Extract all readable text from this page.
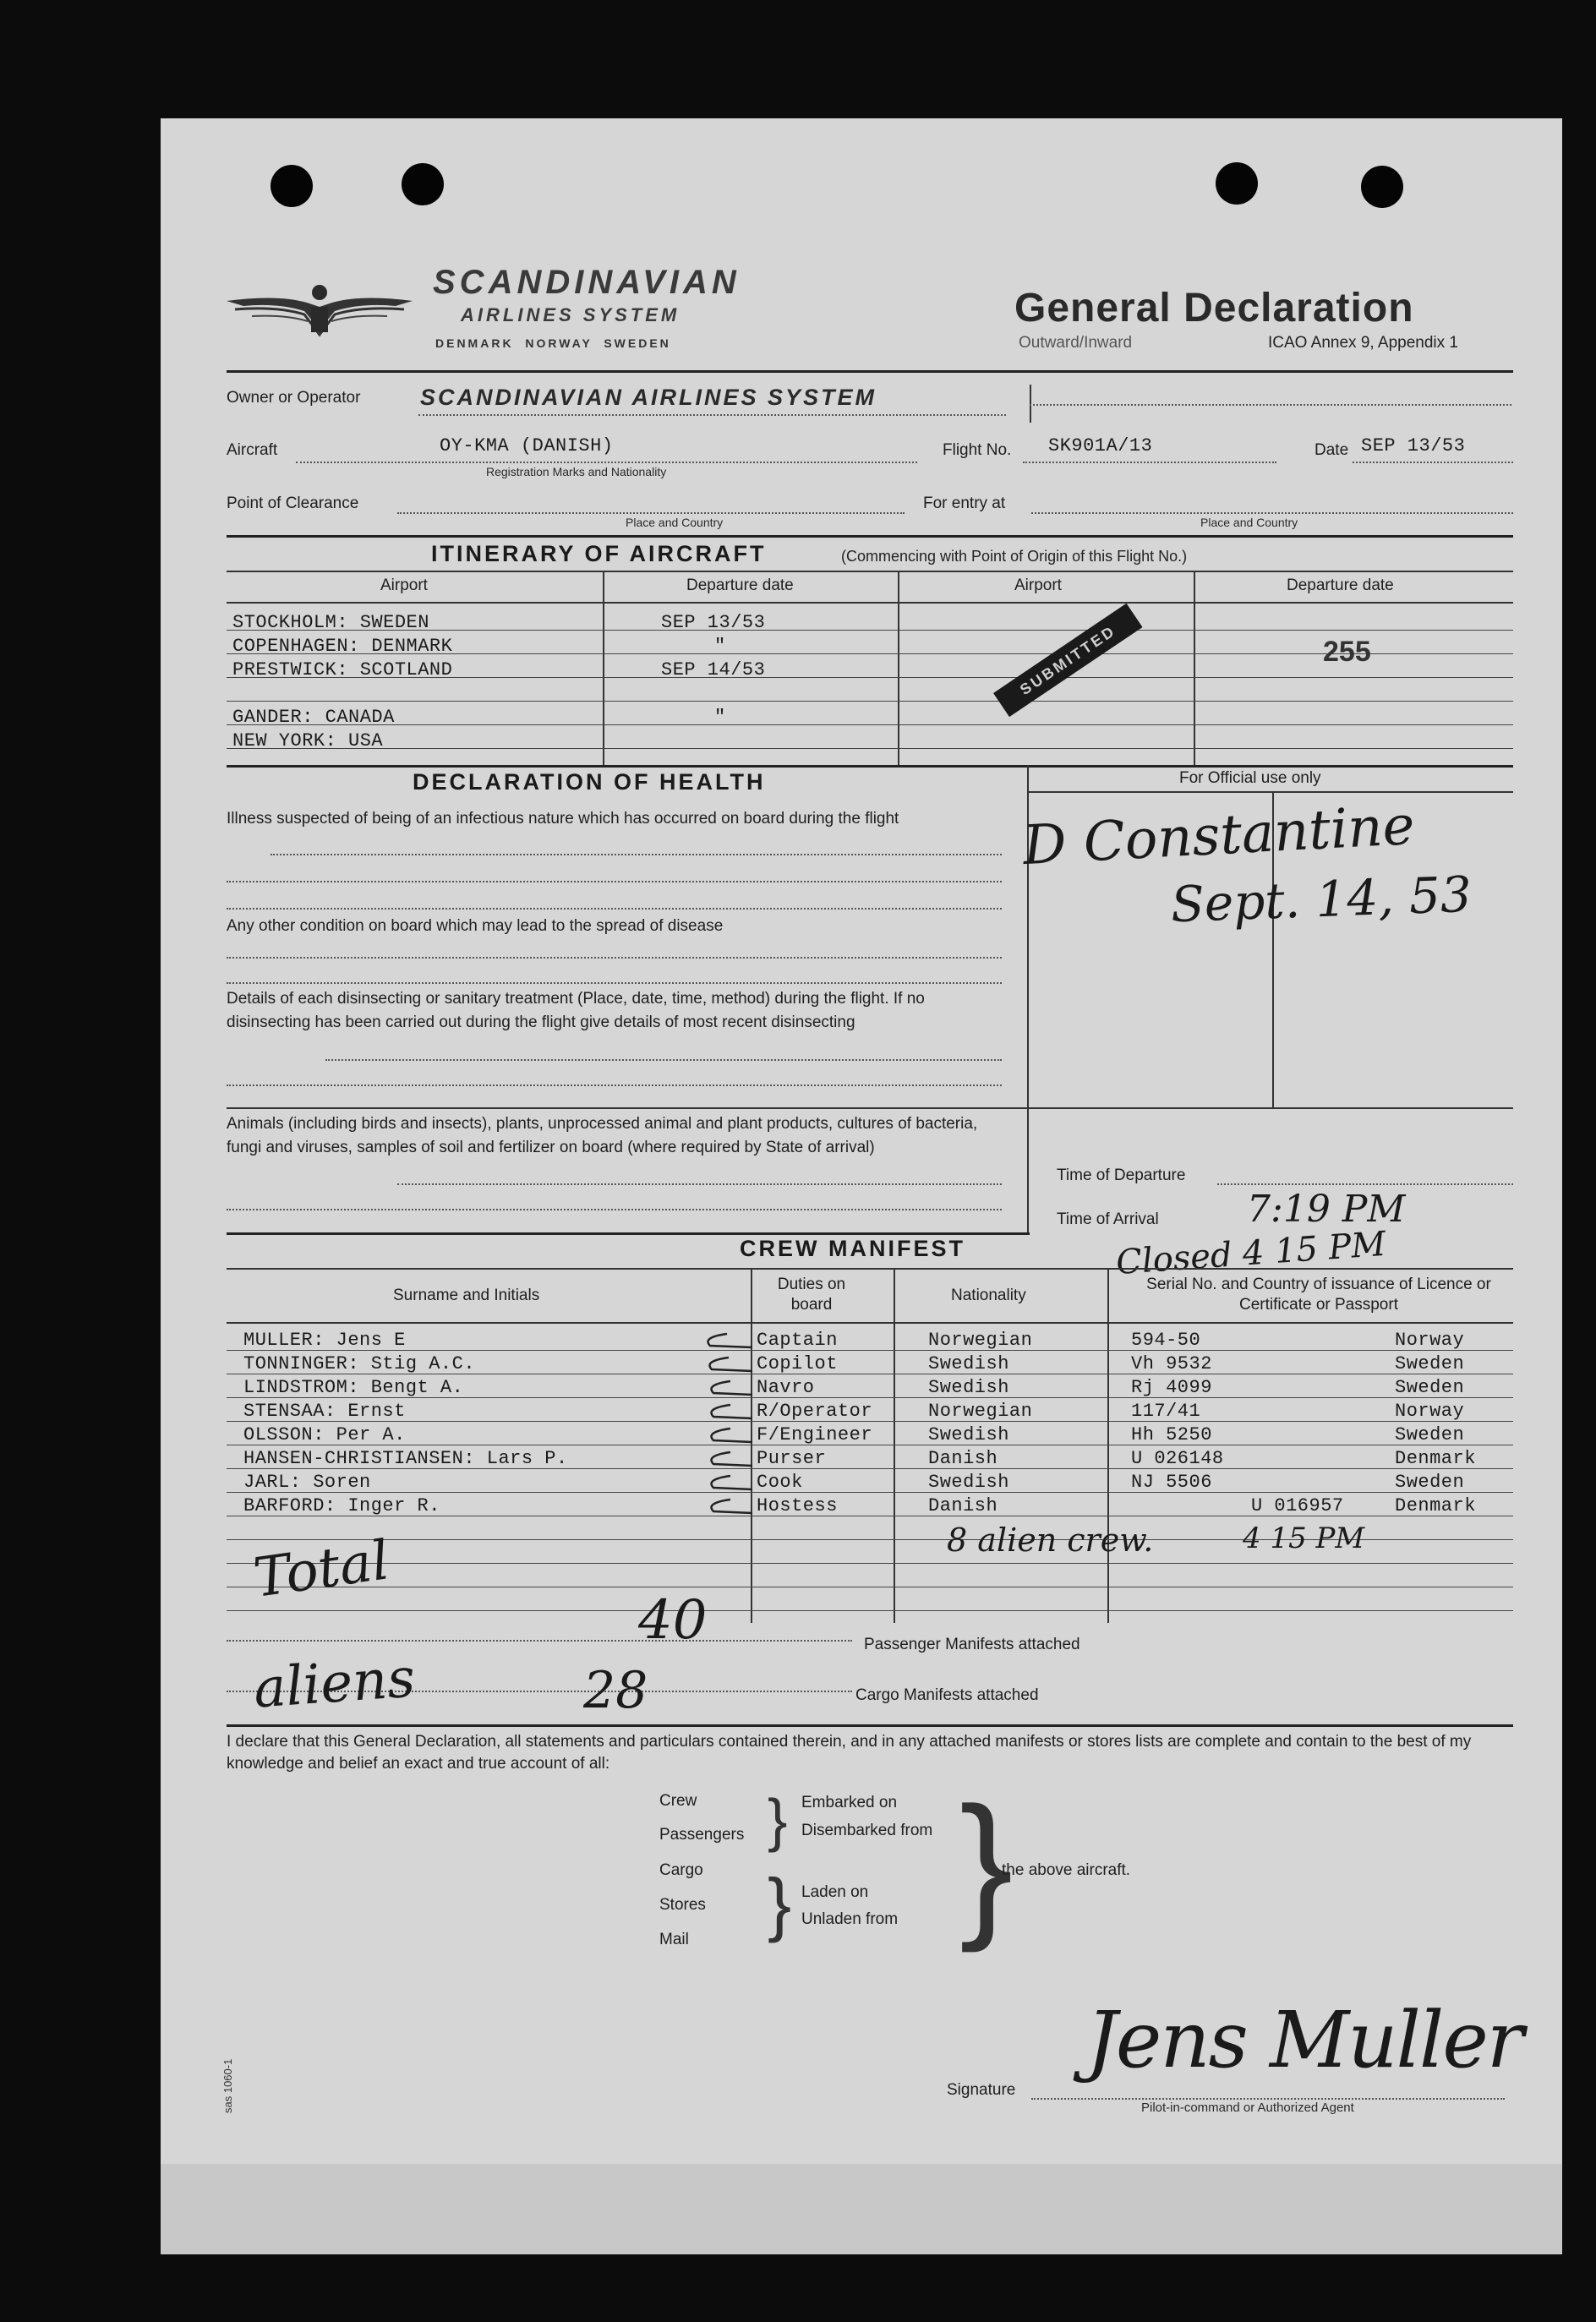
SCANDINAVIAN
AIRLINES SYSTEM
DENMARK  NORWAY  SWEDEN
General Declaration
Outward/Inward	ICAO Annex 9, Appendix 1
Owner or Operator	SCANDINAVIAN AIRLINES SYSTEM
Aircraft	OY-KMA (DANISH)
Registration Marks and Nationality
Flight No. SK901A/13	Date SEP 13/53
Point of Clearance
Place and Country
For entry at
Place and Country
ITINERARY OF AIRCRAFT	(Commencing with Point of Origin of this Flight No.)
Airport	Departure date	Airport	Departure date
STOCKHOLM: SWEDEN	SEP 13/53
COPENHAGEN: DENMARK	"
PRESTWICK: SCOTLAND	SEP 14/53
GANDER: CANADA	"
NEW YORK: USA
255
SUBMITTED
DECLARATION OF HEALTH	For Official use only
Illness suspected of being of an infectious nature which has occurred on board during the flight
Any other condition on board which may lead to the spread of disease
Details of each disinsecting or sanitary treatment (Place, date, time, method) during the flight. If no disinsecting has been carried out during the flight give details of most recent disinsecting
Animals (including birds and insects), plants, unprocessed animal and plant products, cultures of bacteria, fungi and viruses, samples of soil and fertilizer on board (where required by State of arrival)
D Constantine
Sept. 14, 53
Time of Departure
Time of Arrival 7:19 PM
Closed 4 15 PM
CREW MANIFEST
Surname and Initials
Duties on board
Nationality
Serial No. and Country of issuance of Licence or Certificate or Passport
MULLER: Jens E	Captain	Norwegian	594-50	Norway
TONNINGER: Stig A.C.	Copilot	Swedish	Vh 9532	Sweden
LINDSTROM: Bengt A.	Navro	Swedish	Rj 4099	Sweden
STENSAA: Ernst	R/Operator	Norwegian	117/41	Norway
OLSSON: Per A.	F/Engineer	Swedish	Hh 5250	Sweden
HANSEN-CHRISTIANSEN: Lars P.	Purser	Danish	U 026148	Denmark
JARL: Soren	Cook	Swedish	NJ 5506	Sweden
BARFORD: Inger R.	Hostess	Danish	U 016957	Denmark
8 alien crew.	4 15 PM
Passenger Manifests attached
Cargo Manifests attached
Total
40
aliens	28
I declare that this General Declaration, all statements and particulars contained therein, and in any attached manifests or stores lists are complete and contain to the best of my knowledge and belief an exact and true account of all:
Crew
Passengers } Embarked on
Disembarked from
Cargo
Stores
Mail } Laden on
Unladen from }
the above aircraft.
Signature
Jens Muller
Pilot-in-command or Authorized Agent
sas 1060-1
